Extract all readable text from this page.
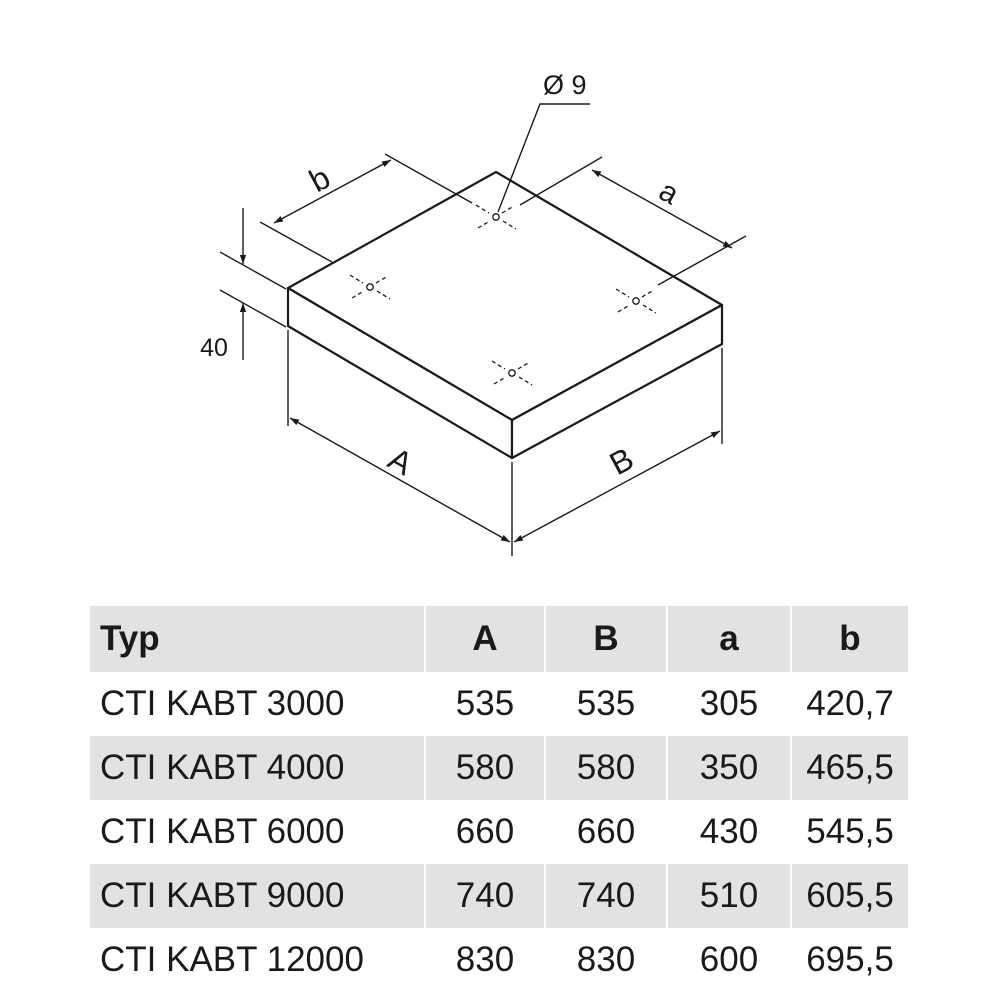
Ø 9
b	a
40
A	B
Typ	A	B	a	b
CTI KABT 3000	535	535	305	420,7
CTI KABT 4000	580	580	350	465,5
CTI KABT 6000	660	660	430	545,5
CTI KABT 9000	740	740	510	605,5
CTI KABT 12000	830	830	600	695,5
